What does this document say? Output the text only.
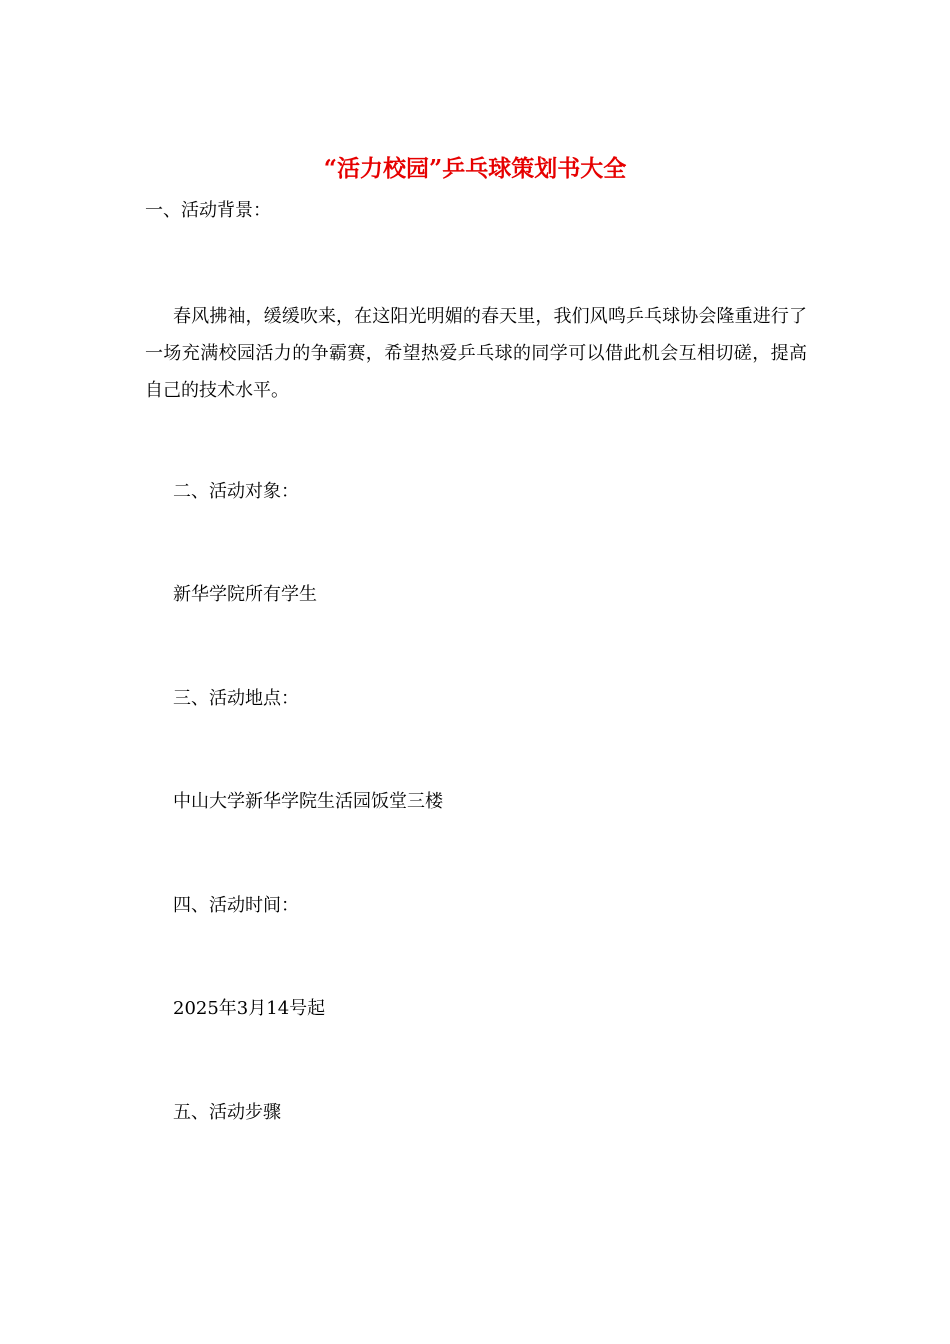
“活力校园”乒乓球策划书大全
一、活动背景：
春风拂袖，缓缓吹来，在这阳光明媚的春天里，我们风鸣乒乓球协会隆重进行了一场充满校园活力的争霸赛，希望热爱乒乓球的同学可以借此机会互相切磋，提高自己的技术水平。
二、活动对象：
新华学院所有学生
三、活动地点：
中山大学新华学院生活园饭堂三楼
四、活动时间：
2025年3月14号起
五、活动步骤
